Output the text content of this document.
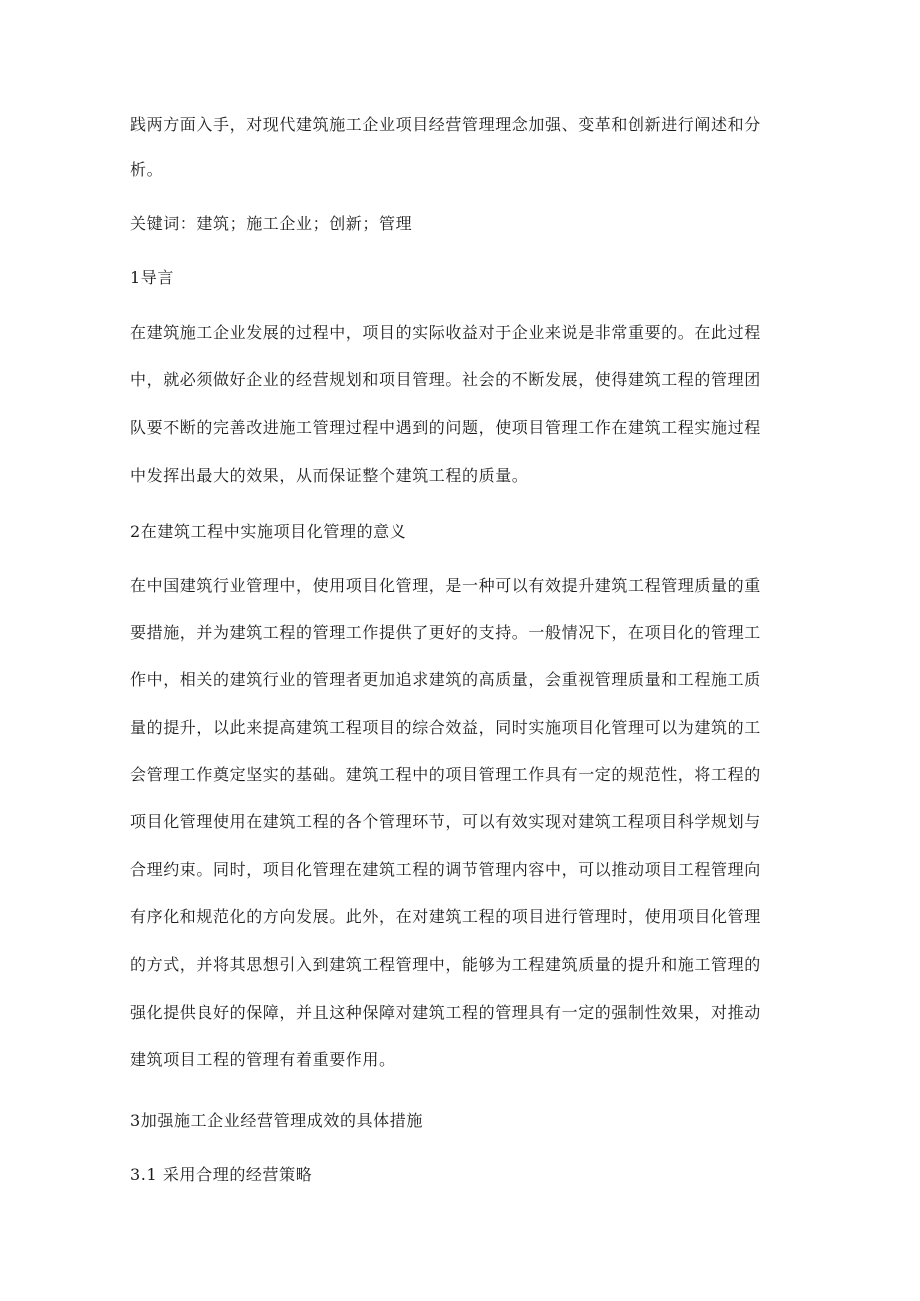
践两方面入手，对现代建筑施工企业项目经营管理理念加强、变革和创新进行阐述和分
析。
关键词：建筑；施工企业；创新；管理
1导言
在建筑施工企业发展的过程中，项目的实际收益对于企业来说是非常重要的。在此过程
中，就必须做好企业的经营规划和项目管理。社会的不断发展，使得建筑工程的管理团
队要不断的完善改进施工管理过程中遇到的问题，使项目管理工作在建筑工程实施过程
中发挥出最大的效果，从而保证整个建筑工程的质量。
2在建筑工程中实施项目化管理的意义
在中国建筑行业管理中，使用项目化管理，是一种可以有效提升建筑工程管理质量的重
要措施，并为建筑工程的管理工作提供了更好的支持。一般情况下，在项目化的管理工
作中，相关的建筑行业的管理者更加追求建筑的高质量，会重视管理质量和工程施工质
量的提升，以此来提高建筑工程项目的综合效益，同时实施项目化管理可以为建筑的工
会管理工作奠定坚实的基础。建筑工程中的项目管理工作具有一定的规范性，将工程的
项目化管理使用在建筑工程的各个管理环节，可以有效实现对建筑工程项目科学规划与
合理约束。同时，项目化管理在建筑工程的调节管理内容中，可以推动项目工程管理向
有序化和规范化的方向发展。此外，在对建筑工程的项目进行管理时，使用项目化管理
的方式，并将其思想引入到建筑工程管理中，能够为工程建筑质量的提升和施工管理的
强化提供良好的保障，并且这种保障对建筑工程的管理具有一定的强制性效果，对推动
建筑项目工程的管理有着重要作用。
3加强施工企业经营管理成效的具体措施
3.1 采用合理的经营策略
